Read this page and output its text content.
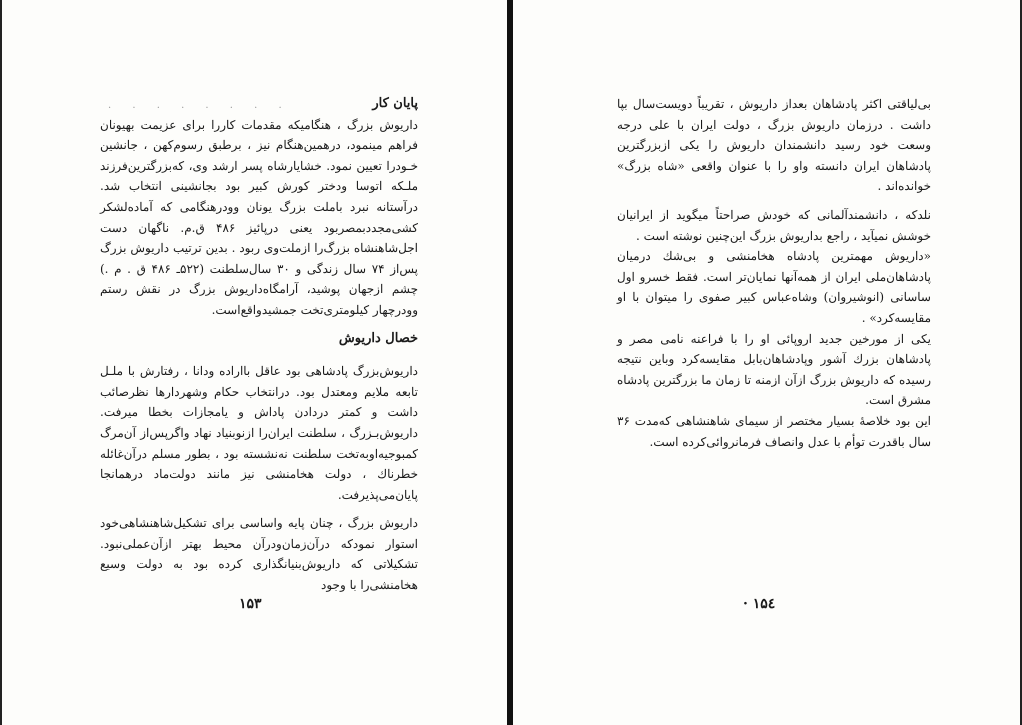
. . . . . . . .	پایان کار

داریوش بزرگ ، هنگامیکه مقدمات کاررا برای عزیمت بهیونان فراهم مینمود، درهمین‌هنگام نیز ، برطبق رسوم‌کهن ، جانشین خـودرا تعیین نمود. خشایارشاه پسر ارشد وی، که‌بزرگترین‌فرزند ملـکه اتوسا ودختر کورش کبیر بود بجانشینی انتخاب شد. درآستانه نبرد باملت بزرگ یونان وودرهنگامی که آماده‌لشکر کشی‌مجدد‌بمصربود یعنی درپائیز ۴۸۶ ق.م. ناگهان دست اجل‌شاهنشاه بزرگ‌را ازملت‌وی ربود . بدین ترتیب داریوش بزرگ پس‌از ۷۴ سال زندگی و ۳۰ سال‌سلطنت (۵۲۲ـ ۴۸۶ ق . م .) چشم ازجهان پوشید، آرامگاه‌داریوش بزرگ در نقش رستم وودرچهار کیلومتری‌تخت جمشیدواقع‌است.

خصال داریوش

داریوش‌بزرگ پادشاهی بود عاقل بااراده ودانا ، رفتارش با ملـل تابعه ملایم ومعتدل بود. درانتخاب حکام وشهردارها نظرصائب داشت و کمتر دردادن پاداش و یامجازات بخطا میرفت. داریوش‌بـزرگ ، سلطنت ایران‌را ازنو‌بنیاد نهاد واگرپس‌از آن‌مرگ کمبوجیه‌اوبه‌تخت سلطنت نه‌نشسته بود ، بطور مسلم درآن‌غائله خطرناك ، دولت هخامنشی نیز مانند دولت‌ماد درهمانجا پایان‌می‌پذیرفت.

داریوش بزرگ ، چنان پایه واساسی برای تشکیل‌شاهنشاهی‌خود استوار نمودکه درآن‌زمان‌ودرآن محیط بهتر ازآن‌عملی‌نبود. تشکیلاتی که داریوش‌بنیانگذاری کرده بود به دولت وسیع هخامنشی‌را با وجود

۱۵۳

بی‌لیاقتی اکثر پادشاهان بعداز داریوش ، تقریباً دویست‌سال بپا داشت . درزمان داریوش بزرگ ، دولت ایران با علی درجه وسعت خود رسید دانشمندان داریوش را یکی ازبزرگترین پادشاهان ایران دانسته واو را با عنوان واقعی «شاه بزرگ» خوانده‌اند .

نلدکه ، دانشمندآلمانی که خودش صراحتاً میگوید از ایرانیان خوشش نمیآید ، راجع بداریوش بزرگ این‌چنین نوشته است .

«داریوش مهمترین پادشاه هخامنشی و بی‌شك درمیان پادشاهان‌ملی ایران از همه‌آنها نمایان‌تر است. فقط خسرو اول ساسانی (انوشیروان) وشاه‌عباس کبیر صفوی را میتوان با او مقایسه‌کرد» .

یکی از مورخین جدید اروپائی او را با فراعنه نامی مصر و پادشاهان بزرك آشور وپادشاهان‌بابل مقایسه‌کرد وباین نتیجه رسیده که داریوش بزرگ ازآن ازمنه تا زمان ما بزرگترین پادشاه مشرق است.

این بود خلاصهٔ بسیار مختصر از سیمای شاهنشاهی که‌مدت ۳۶ سال باقدرت توأم با عدل وانصاف فرمانروائی‌کرده است.

· ۱۵٤
